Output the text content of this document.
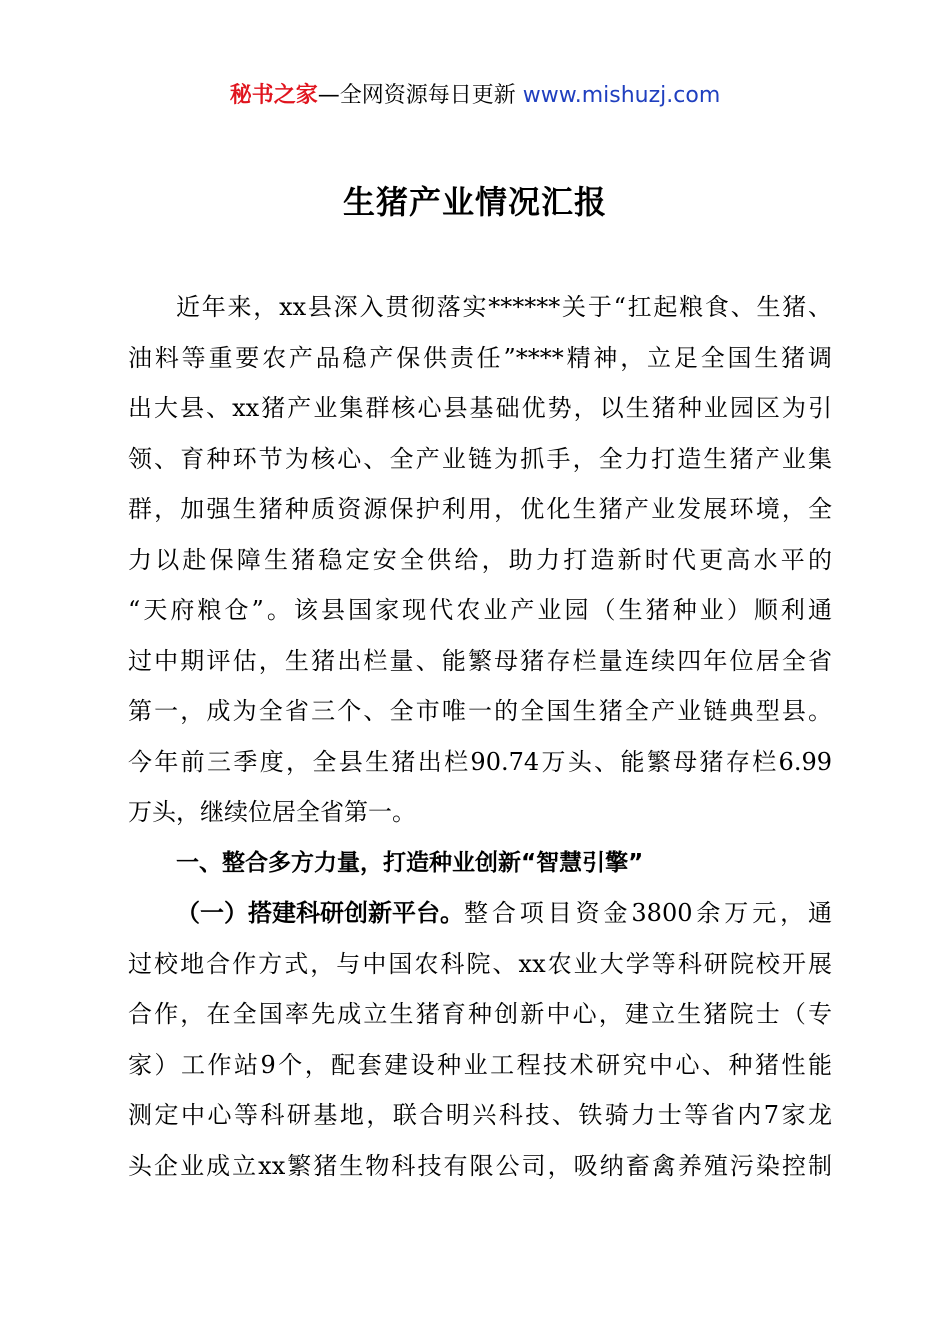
秘书之家—全网资源每日更新 www.mishuzj.com
生猪产业情况汇报
近年来，xx县深入贯彻落实******关于“扛起粮食、生猪、
油料等重要农产品稳产保供责任”****精神，立足全国生猪调
出大县、xx猪产业集群核心县基础优势，以生猪种业园区为引
领、育种环节为核心、全产业链为抓手，全力打造生猪产业集
群，加强生猪种质资源保护利用，优化生猪产业发展环境，全
力以赴保障生猪稳定安全供给，助力打造新时代更高水平的
“天府粮仓”。该县国家现代农业产业园（生猪种业）顺利通
过中期评估，生猪出栏量、能繁母猪存栏量连续四年位居全省
第一，成为全省三个、全市唯一的全国生猪全产业链典型县。
今年前三季度，全县生猪出栏90.74万头、能繁母猪存栏6.99
万头，继续位居全省第一。
一、整合多方力量，打造种业创新“智慧引擎”
（一）搭建科研创新平台。 整合项目资金3800余万元，通
过校地合作方式，与中国农科院、xx农业大学等科研院校开展
合作，在全国率先成立生猪育种创新中心，建立生猪院士（专
家）工作站9个，配套建设种业工程技术研究中心、种猪性能
测定中心等科研基地，联合明兴科技、铁骑力士等省内7家龙
头企业成立xx繁猪生物科技有限公司，吸纳畜禽养殖污染控制
